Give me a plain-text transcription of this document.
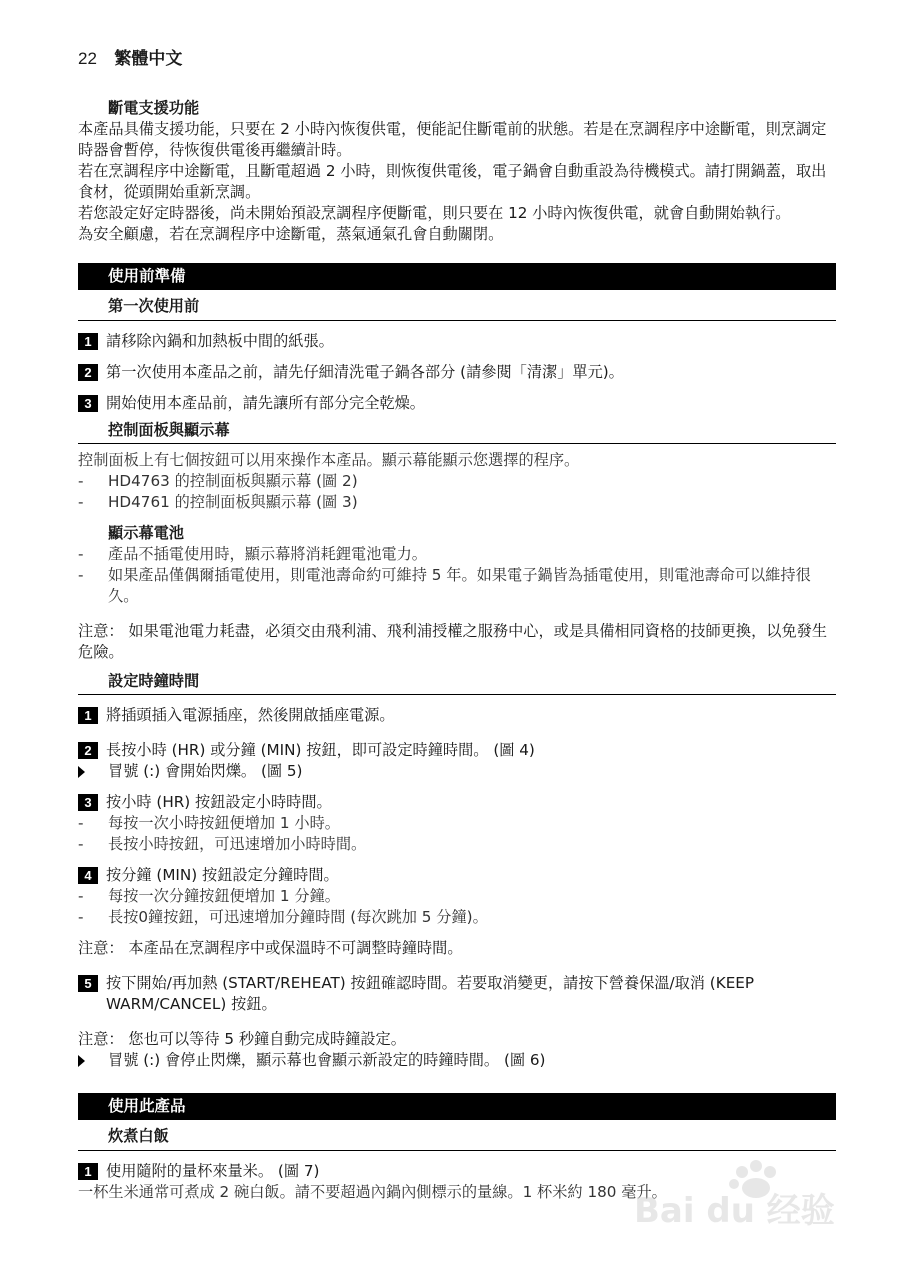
22 繁體中文
斷電支援功能
本產品具備支援功能，只要在 2 小時內恢復供電，便能記住斷電前的狀態。若是在烹調程序中途斷電，則烹調定時器會暫停，待恢復供電後再繼續計時。
若在烹調程序中途斷電，且斷電超過 2 小時，則恢復供電後，電子鍋會自動重設為待機模式。請打開鍋蓋，取出食材，從頭開始重新烹調。
若您設定好定時器後，尚未開始預設烹調程序便斷電，則只要在 12 小時內恢復供電，就會自動開始執行。
為安全顧慮，若在烹調程序中途斷電，蒸氣通氣孔會自動關閉。
使用前準備
第一次使用前
1 請移除內鍋和加熱板中間的紙張。
2 第一次使用本產品之前，請先仔細清洗電子鍋各部分 (請參閱「清潔」單元)。
3 開始使用本產品前，請先讓所有部分完全乾燥。
控制面板與顯示幕
控制面板上有七個按鈕可以用來操作本產品。顯示幕能顯示您選擇的程序。
-	HD4763 的控制面板與顯示幕 (圖 2)
-	HD4761 的控制面板與顯示幕 (圖 3)
顯示幕電池
-	產品不插電使用時，顯示幕將消耗鋰電池電力。
-	如果產品僅偶爾插電使用，則電池壽命約可維持 5 年。如果電子鍋皆為插電使用，則電池壽命可以維持很久。
注意： 如果電池電力耗盡，必須交由飛利浦、飛利浦授權之服務中心，或是具備相同資格的技師更換，以免發生危險。
設定時鐘時間
1 將插頭插入電源插座，然後開啟插座電源。
2 長按小時 (HR) 或分鐘 (MIN) 按鈕，即可設定時鐘時間。 (圖 4)
冒號 (:) 會開始閃爍。 (圖 5)
3 按小時 (HR) 按鈕設定小時時間。
-	每按一次小時按鈕便增加 1 小時。
-	長按小時按鈕，可迅速增加小時時間。
4 按分鐘 (MIN) 按鈕設定分鐘時間。
-	每按一次分鐘按鈕便增加 1 分鐘。
-	長按0鐘按鈕，可迅速增加分鐘時間 (每次跳加 5 分鐘)。
注意： 本產品在烹調程序中或保溫時不可調整時鐘時間。
5 按下開始/再加熱 (START/REHEAT) 按鈕確認時間。若要取消變更，請按下營養保溫/取消 (KEEP WARM/CANCEL) 按鈕。
注意： 您也可以等待 5 秒鐘自動完成時鐘設定。
冒號 (:) 會停止閃爍，顯示幕也會顯示新設定的時鐘時間。 (圖 6)
使用此產品
炊煮白飯
1 使用隨附的量杯來量米。 (圖 7)
一杯生米通常可煮成 2 碗白飯。請不要超過內鍋內側標示的量線。1 杯米約 180 毫升。
Bai du 经验
